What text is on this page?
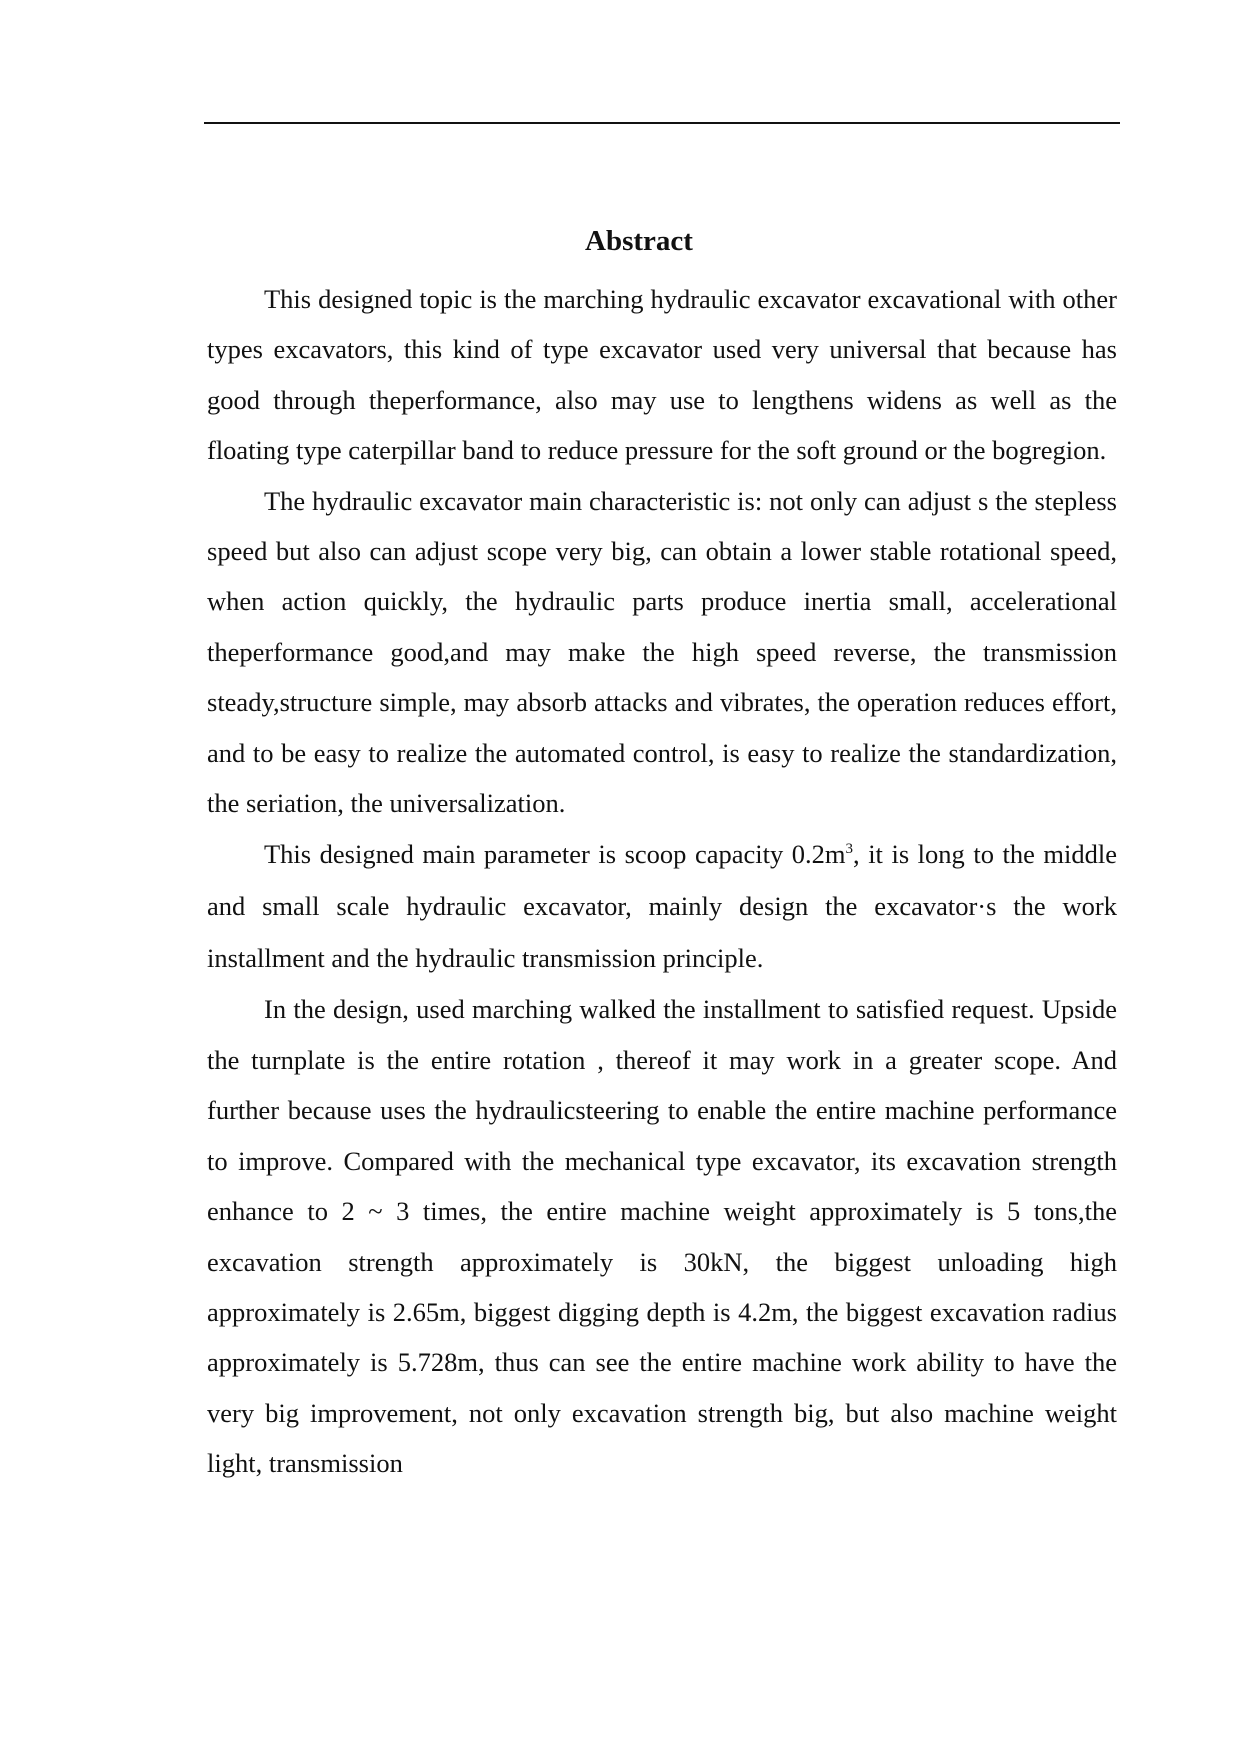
Abstract

This designed topic is the marching hydraulic excavator excavational with other types excavators, this kind of type excavator used very universal that because has good through theperformance, also may use to lengthens widens as well as the floating type caterpillar band to reduce pressure for the soft ground or the bogregion.

The hydraulic excavator main characteristic is: not only can adjust s the stepless speed but also can adjust scope very big, can obtain a lower stable rotational speed, when action quickly, the hydraulic parts produce inertia small, accelerational theperformance good,and may make the high speed reverse, the transmission steady,structure simple, may absorb attacks and vibrates, the operation reduces effort, and to be easy to realize the automated control, is easy to realize the standardization, the seriation, the universalization.

This designed main parameter is scoop capacity $0.2m^3$, it is long to the middle and small scale hydraulic excavator, mainly design the excavator·s the work installment and the hydraulic transmission principle.

In the design, used marching walked the installment to satisfied request. Upside the turnplate is the entire rotation , thereof it may work in a greater scope. And further because uses the hydraulicsteering to enable the entire machine performance to improve. Compared with the mechanical type excavator, its excavation strength enhance to 2 ~ 3 times, the entire machine weight approximately is 5 tons,the excavation strength approximately is 30kN, the biggest unloading high approximately is 2.65m, biggest digging depth is 4.2m, the biggest excavation radius approximately is 5.728m, thus can see the entire machine work ability to have the very big improvement, not only excavation strength big, but also machine weight light, transmission
